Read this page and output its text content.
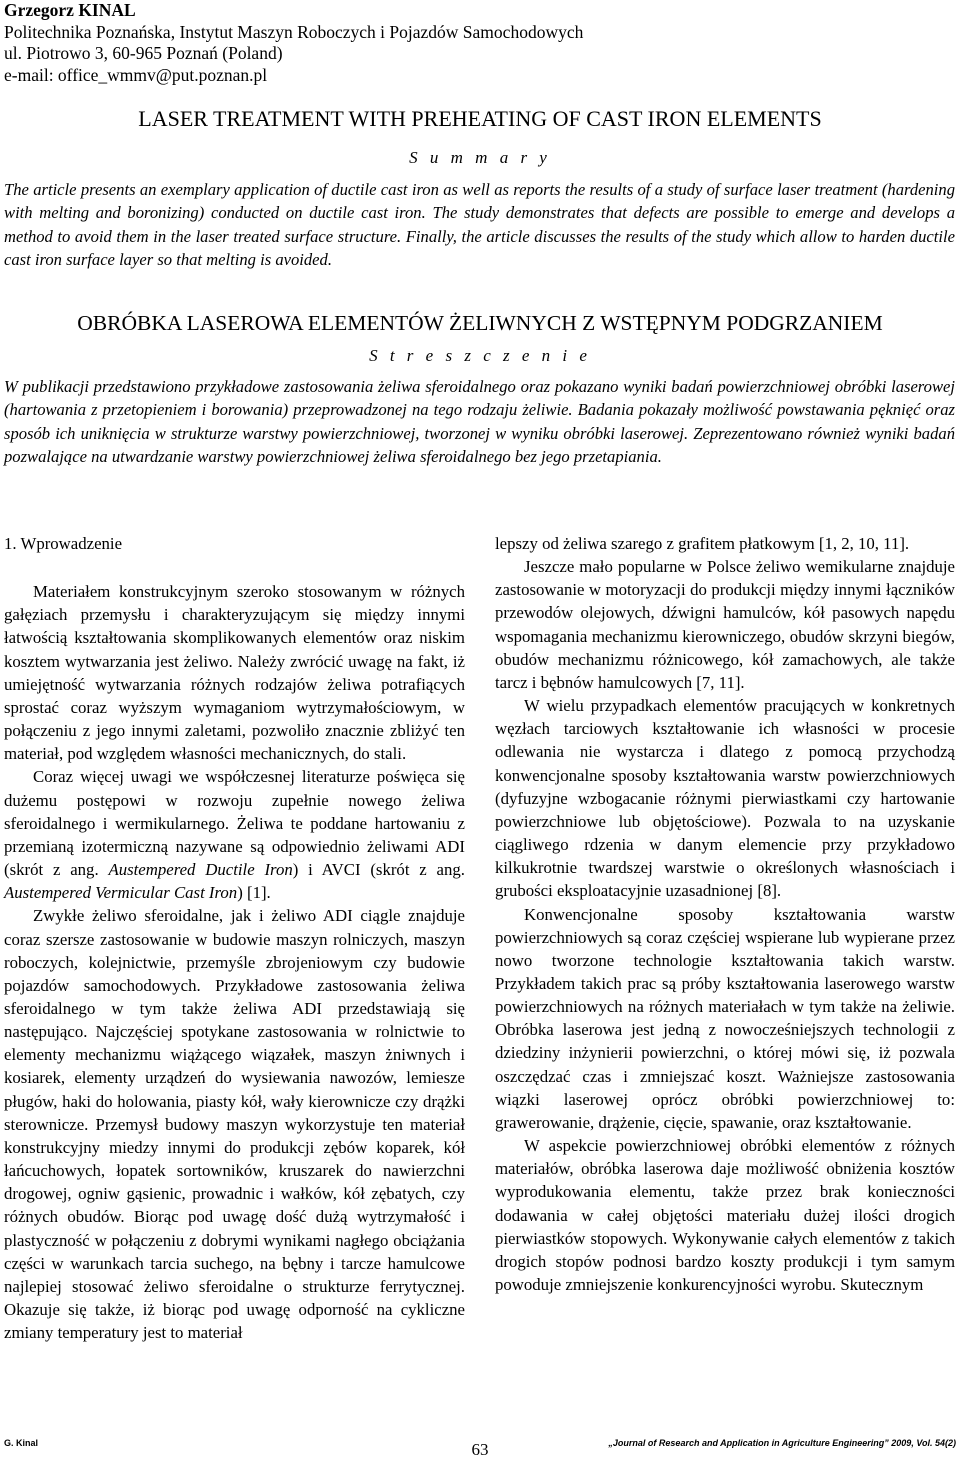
Grzegorz KINAL
Politechnika Poznańska, Instytut Maszyn Roboczych i Pojazdów Samochodowych
ul. Piotrowo 3, 60-965 Poznań (Poland)
e-mail: office_wmmv@put.poznan.pl
LASER TREATMENT WITH PREHEATING OF CAST IRON ELEMENTS
S u m m a r y

The article presents an exemplary application of ductile cast iron as well as reports the results of a study of surface laser treatment (hardening with melting and boronizing) conducted on ductile cast iron. The study demonstrates that defects are possible to emerge and develops a method to avoid them in the laser treated surface structure. Finally, the article discusses the results of the study which allow to harden ductile cast iron surface layer so that melting is avoided.

OBRÓBKA LASEROWA ELEMENTÓW ŻELIWNYCH Z WSTĘPNYM PODGRZANIEM
S t r e s z c z e n i e

W publikacji przedstawiono przykładowe zastosowania żeliwa sferoidalnego oraz pokazano wyniki badań powierzchniowej obróbki laserowej (hartowania z przetopieniem i borowania) przeprowadzonej na tego rodzaju żeliwie. Badania pokazały możliwość powstawania pęknięć oraz sposób ich uniknięcia w strukturze warstwy powierzchniowej, tworzonej w wyniku obróbki laserowej. Zeprezentowano również wyniki badań pozwalające na utwardzanie warstwy powierzchniowej żeliwa sferoidalnego bez jego przetapiania.

1. Wprowadzenie

Materiałem konstrukcyjnym szeroko stosowanym w różnych gałęziach przemysłu i charakteryzującym się między innymi łatwością kształtowania skomplikowanych elementów oraz niskim kosztem wytwarzania jest żeliwo. Należy zwrócić uwagę na fakt, iż umiejętność wytwarzania różnych rodzajów żeliwa potrafiących sprostać coraz wyższym wymaganiom wytrzymałościowym, w połączeniu z jego innymi zaletami, pozwoliło znacznie zbliżyć ten materiał, pod względem własności mechanicznych, do stali.

Coraz więcej uwagi we współczesnej literaturze poświęca się dużemu postępowi w rozwoju zupełnie nowego żeliwa sferoidalnego i wermikularnego. Żeliwa te poddane hartowaniu z przemianą izotermiczną nazywane są odpowiednio żeliwami ADI (skrót z ang. Austempered Ductile Iron) i AVCI (skrót z ang. Austempered Vermicular Cast Iron) [1].

Zwykłe żeliwo sferoidalne, jak i żeliwo ADI ciągle znajduje coraz szersze zastosowanie w budowie maszyn rolniczych, maszyn roboczych, kolejnictwie, przemyśle zbrojeniowym czy budowie pojazdów samochodowych. Przykładowe zastosowania żeliwa sferoidalnego w tym także żeliwa ADI przedstawiają się następująco. Najczęściej spotykane zastosowania w rolnictwie to elementy mechanizmu wiążącego wiązałek, maszyn żniwnych i kosiarek, elementy urządzeń do wysiewania nawozów, lemiesze pługów, haki do holowania, piasty kół, wały kierownicze czy drążki sterownicze. Przemysł budowy maszyn wykorzystuje ten materiał konstrukcyjny miedzy innymi do produkcji zębów koparek, kół łańcuchowych, łopatek sortowników, kruszarek do nawierzchni drogowej, ogniw gąsienic, prowadnic i wałków, kół zębatych, czy różnych obudów. Biorąc pod uwagę dość dużą wytrzymałość i plastyczność w połączeniu z dobrymi wynikami nagłego obciążania części w warunkach tarcia suchego, na bębny i tarcze hamulcowe najlepiej stosować żeliwo sferoidalne o strukturze ferrytycznej. Okazuje się także, iż biorąc pod uwagę odporność na cykliczne zmiany temperatury jest to materiał

lepszy od żeliwa szarego z grafitem płatkowym [1, 2, 10, 11].

Jeszcze mało popularne w Polsce żeliwo wemikularne znajduje zastosowanie w motoryzacji do produkcji między innymi łączników przewodów olejowych, dźwigni hamulców, kół pasowych napędu wspomagania mechanizmu kierowniczego, obudów skrzyni biegów, obudów mechanizmu różnicowego, kół zamachowych, ale także tarcz i bębnów hamulcowych [7, 11].

W wielu przypadkach elementów pracujących w konkretnych węzłach tarciowych kształtowanie ich własności w procesie odlewania nie wystarcza i dlatego z pomocą przychodzą konwencjonalne sposoby kształtowania warstw powierzchniowych (dyfuzyjne wzbogacanie różnymi pierwiastkami czy hartowanie powierzchniowe lub objętościowe). Pozwala to na uzyskanie ciągliwego rdzenia w danym elemencie przy przykładowo kilkukrotnie twardszej warstwie o określonych własnościach i grubości eksploatacyjnie uzasadnionej [8].

Konwencjonalne sposoby kształtowania warstw powierzchniowych są coraz częściej wspierane lub wypierane przez nowo tworzone technologie kształtowania takich warstw. Przykładem takich prac są próby kształtowania laserowego warstw powierzchniowych na różnych materiałach w tym także na żeliwie. Obróbka laserowa jest jedną z nowocześniejszych technologii z dziedziny inżynierii powierzchni, o której mówi się, iż pozwala oszczędzać czas i zmniejszać koszt. Ważniejsze zastosowania wiązki laserowej oprócz obróbki powierzchniowej to: grawerowanie, drążenie, cięcie, spawanie, oraz kształtowanie.

W aspekcie powierzchniowej obróbki elementów z różnych materiałów, obróbka laserowa daje możliwość obniżenia kosztów wyprodukowania elementu, także przez brak konieczności dodawania w całej objętości materiału dużej ilości drogich pierwiastków stopowych. Wykonywanie całych elementów z takich drogich stopów podnosi bardzo koszty produkcji i tym samym powoduje zmniejszenie konkurencyjności wyrobu. Skutecznym

G. Kinal	63	„Journal of Research and Application in Agriculture Engineering” 2009, Vol. 54(2)
